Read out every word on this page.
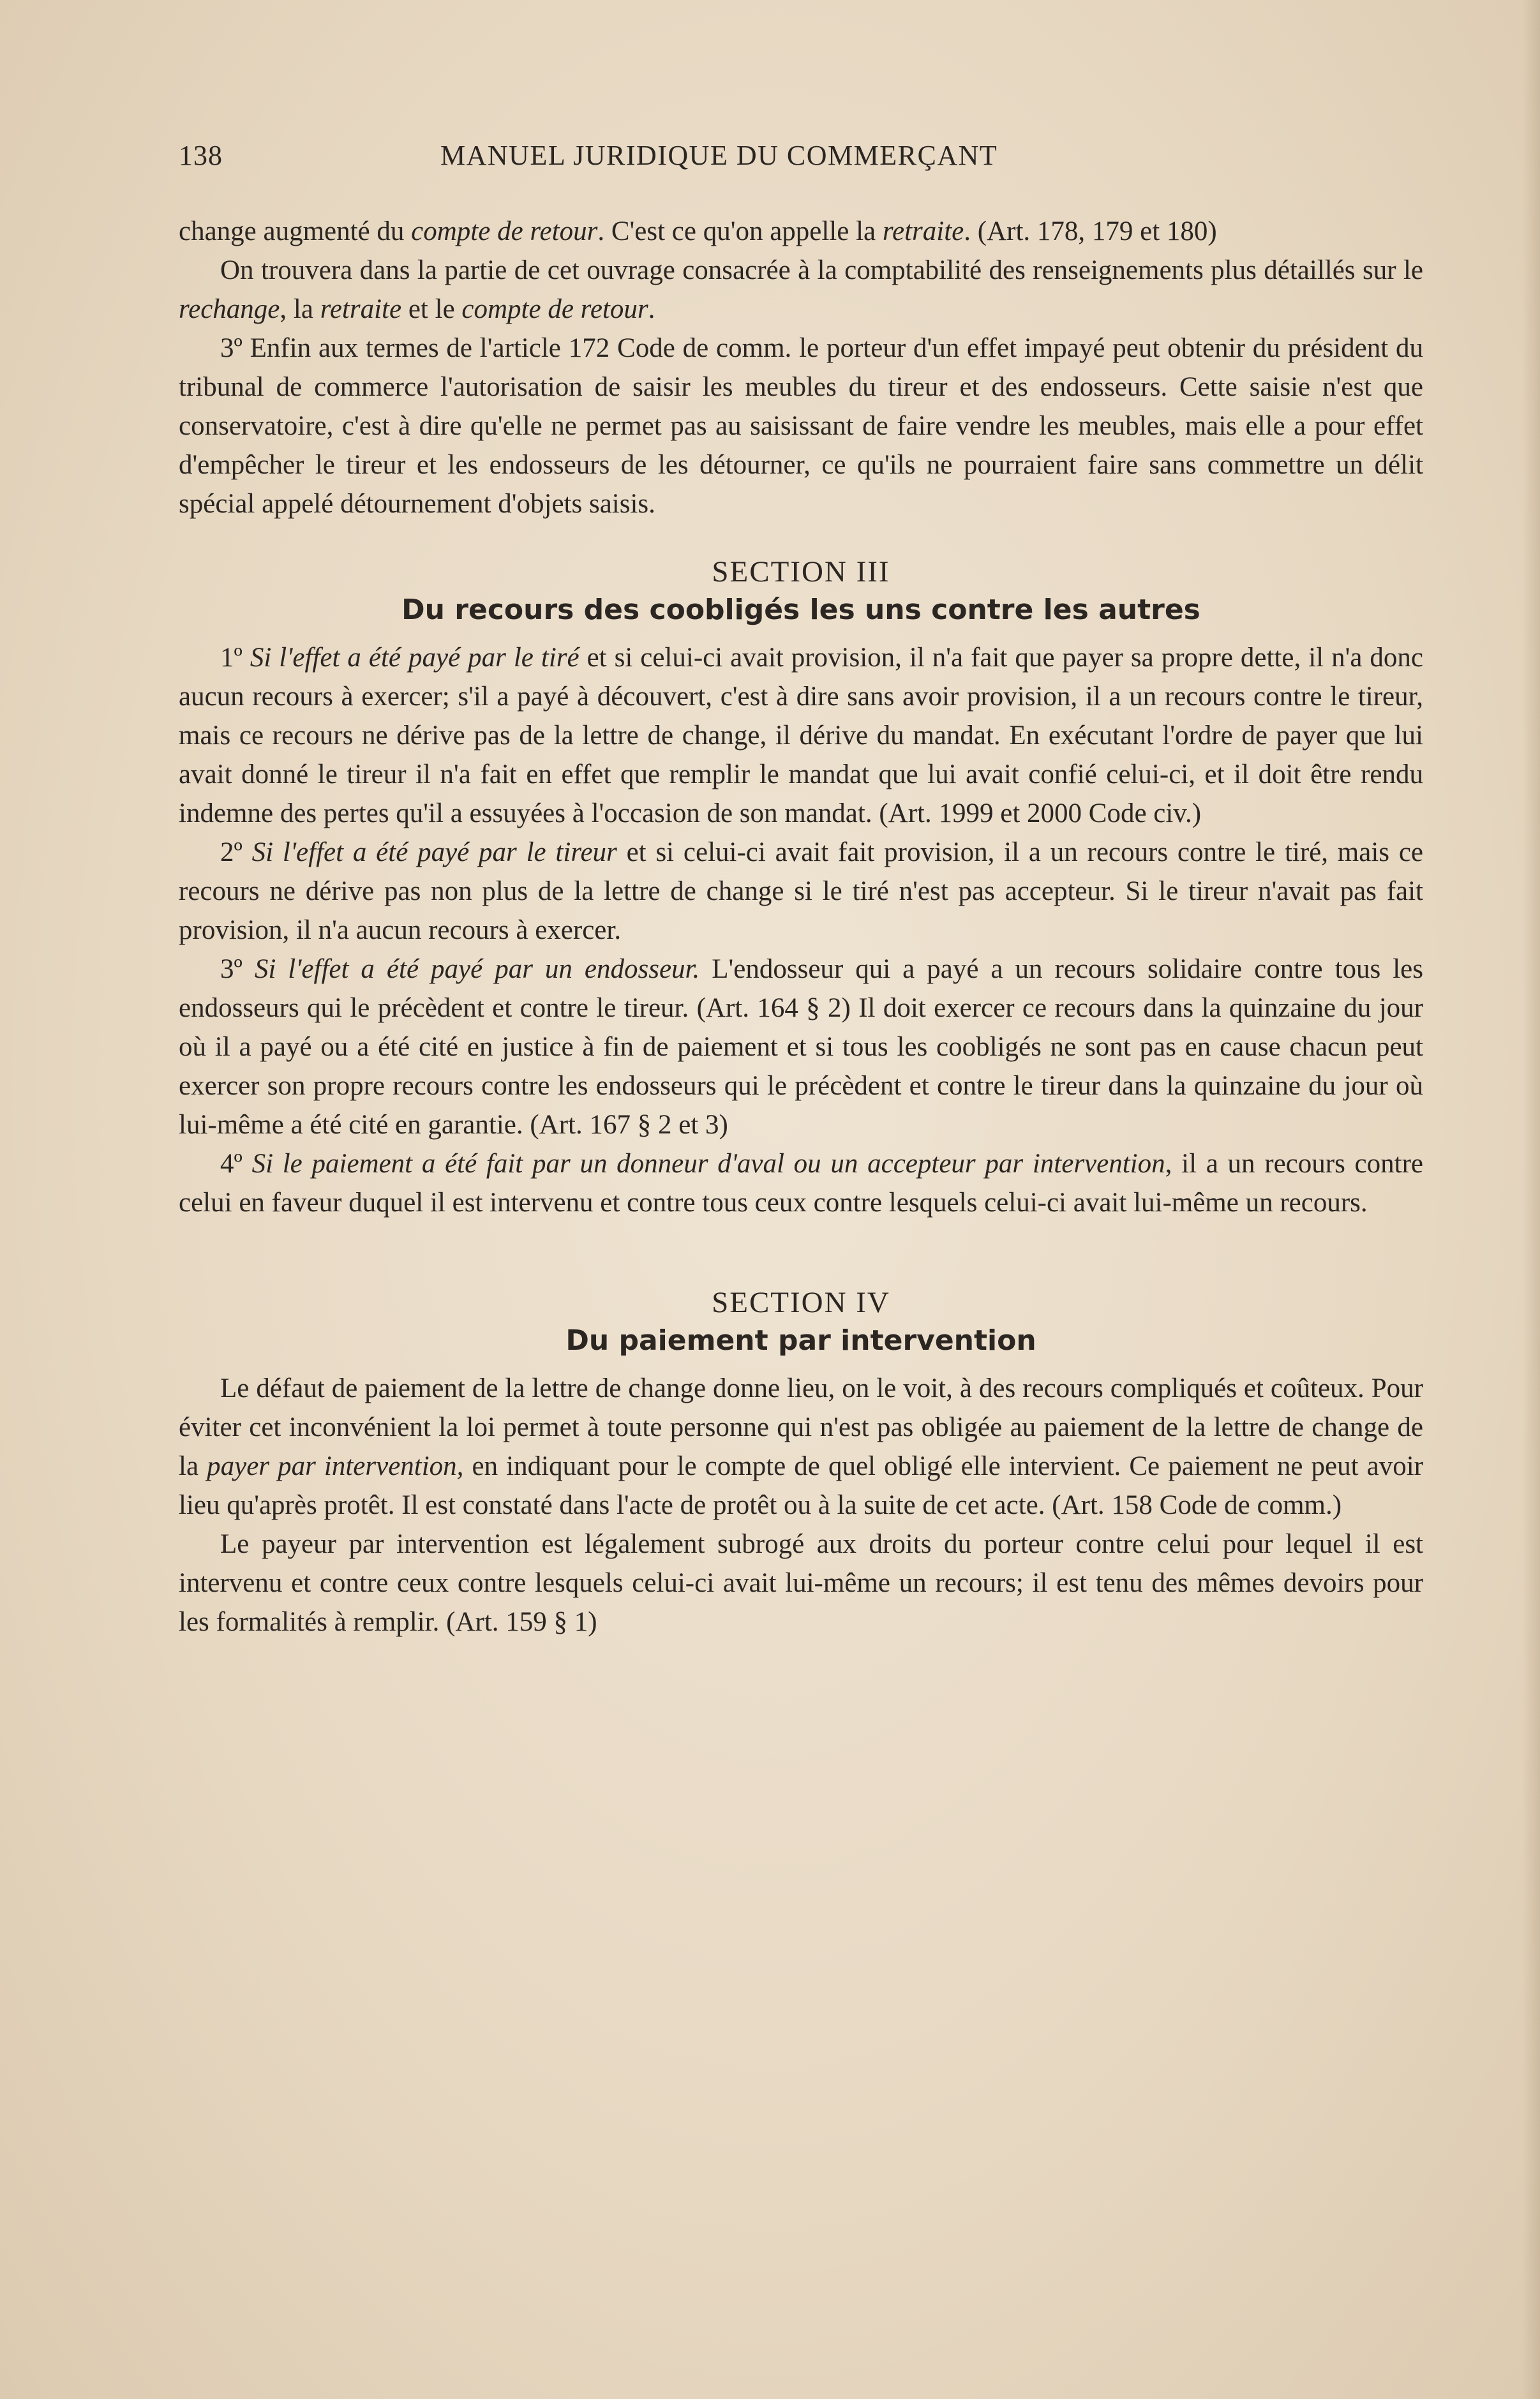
138	MANUEL JURIDIQUE DU COMMERÇANT

change augmenté du compte de retour. C'est ce qu'on appelle la retraite. (Art. 178, 179 et 180)

On trouvera dans la partie de cet ouvrage consacrée à la comptabilité des renseignements plus détaillés sur le rechange, la retraite et le compte de retour.

3º Enfin aux termes de l'article 172 Code de comm. le porteur d'un effet impayé peut obtenir du président du tribunal de commerce l'autorisation de saisir les meubles du tireur et des endosseurs. Cette saisie n'est que conservatoire, c'est à dire qu'elle ne permet pas au saisissant de faire vendre les meubles, mais elle a pour effet d'empêcher le tireur et les endosseurs de les détourner, ce qu'ils ne pourraient faire sans commettre un délit spécial appelé détournement d'objets saisis.

SECTION III
Du recours des coobligés les uns contre les autres

1º Si l'effet a été payé par le tiré et si celui-ci avait provision, il n'a fait que payer sa propre dette, il n'a donc aucun recours à exercer; s'il a payé à découvert, c'est à dire sans avoir provision, il a un recours contre le tireur, mais ce recours ne dérive pas de la lettre de change, il dérive du mandat. En exécutant l'ordre de payer que lui avait donné le tireur il n'a fait en effet que remplir le mandat que lui avait confié celui-ci, et il doit être rendu indemne des pertes qu'il a essuyées à l'occasion de son mandat. (Art. 1999 et 2000 Code civ.)

2º Si l'effet a été payé par le tireur et si celui-ci avait fait provision, il a un recours contre le tiré, mais ce recours ne dérive pas non plus de la lettre de change si le tiré n'est pas accepteur. Si le tireur n'avait pas fait provision, il n'a aucun recours à exercer.

3º Si l'effet a été payé par un endosseur. L'endosseur qui a payé a un recours solidaire contre tous les endosseurs qui le précèdent et contre le tireur. (Art. 164 § 2) Il doit exercer ce recours dans la quinzaine du jour où il a payé ou a été cité en justice à fin de paiement et si tous les coobligés ne sont pas en cause chacun peut exercer son propre recours contre les endosseurs qui le précèdent et contre le tireur dans la quinzaine du jour où lui-même a été cité en garantie. (Art. 167 § 2 et 3)

4º Si le paiement a été fait par un donneur d'aval ou un accepteur par intervention, il a un recours contre celui en faveur duquel il est intervenu et contre tous ceux contre lesquels celui-ci avait lui-même un recours.

SECTION IV
Du paiement par intervention

Le défaut de paiement de la lettre de change donne lieu, on le voit, à des recours compliqués et coûteux. Pour éviter cet inconvénient la loi permet à toute personne qui n'est pas obligée au paiement de la lettre de change de la payer par intervention, en indiquant pour le compte de quel obligé elle intervient. Ce paiement ne peut avoir lieu qu'après protêt. Il est constaté dans l'acte de protêt ou à la suite de cet acte. (Art. 158 Code de comm.)

Le payeur par intervention est légalement subrogé aux droits du porteur contre celui pour lequel il est intervenu et contre ceux contre lesquels celui-ci avait lui-même un recours; il est tenu des mêmes devoirs pour les formalités à remplir. (Art. 159 § 1)
